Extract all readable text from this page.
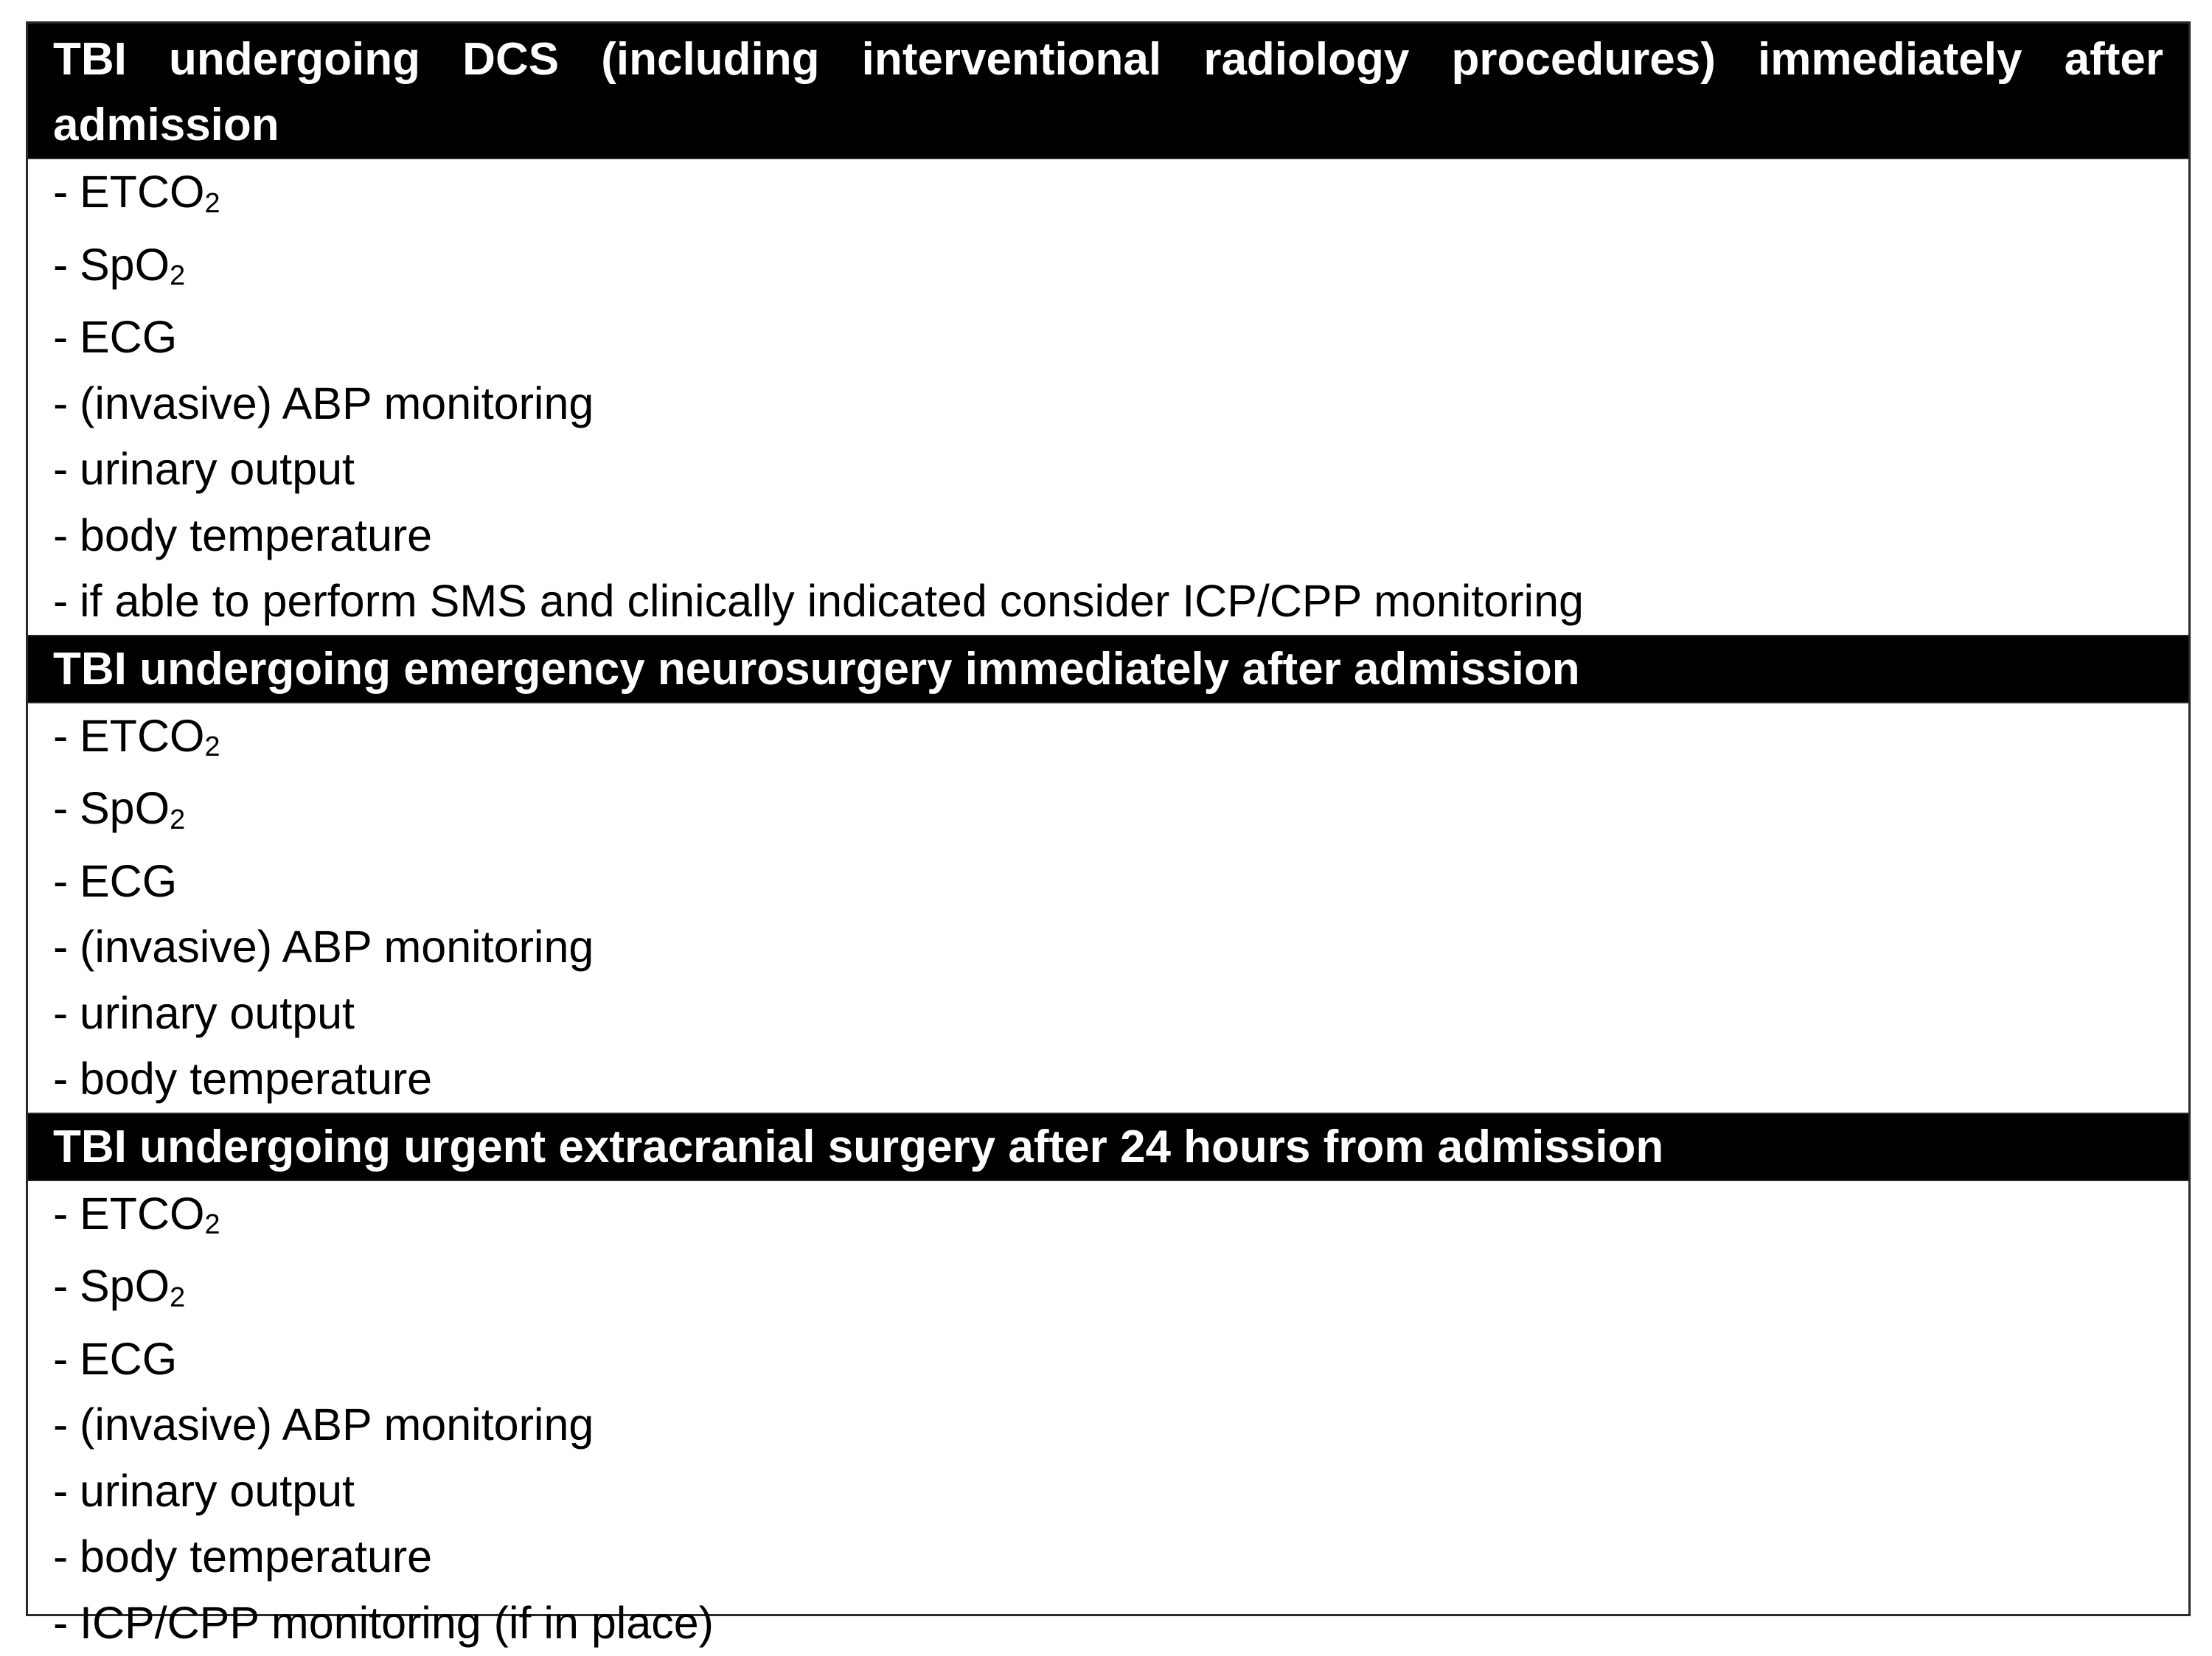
TBI undergoing DCS (including interventional radiology procedures) immediately after admission
- $ETCO_2$
- SpO$_2$
- ECG
- (invasive) ABP monitoring
- urinary output
- body temperature
- if able to perform SMS and clinically indicated consider ICP/CPP monitoring
TBI undergoing emergency neurosurgery immediately after admission
- $ETCO_2$
- SpO$_2$
- ECG
- (invasive) ABP monitoring
- urinary output
- body temperature
TBI undergoing urgent extracranial surgery after 24 hours from admission
- $ETCO_2$
- SpO$_2$
- ECG
- (invasive) ABP monitoring
- urinary output
- body temperature
- ICP/CPP monitoring (if in place)
